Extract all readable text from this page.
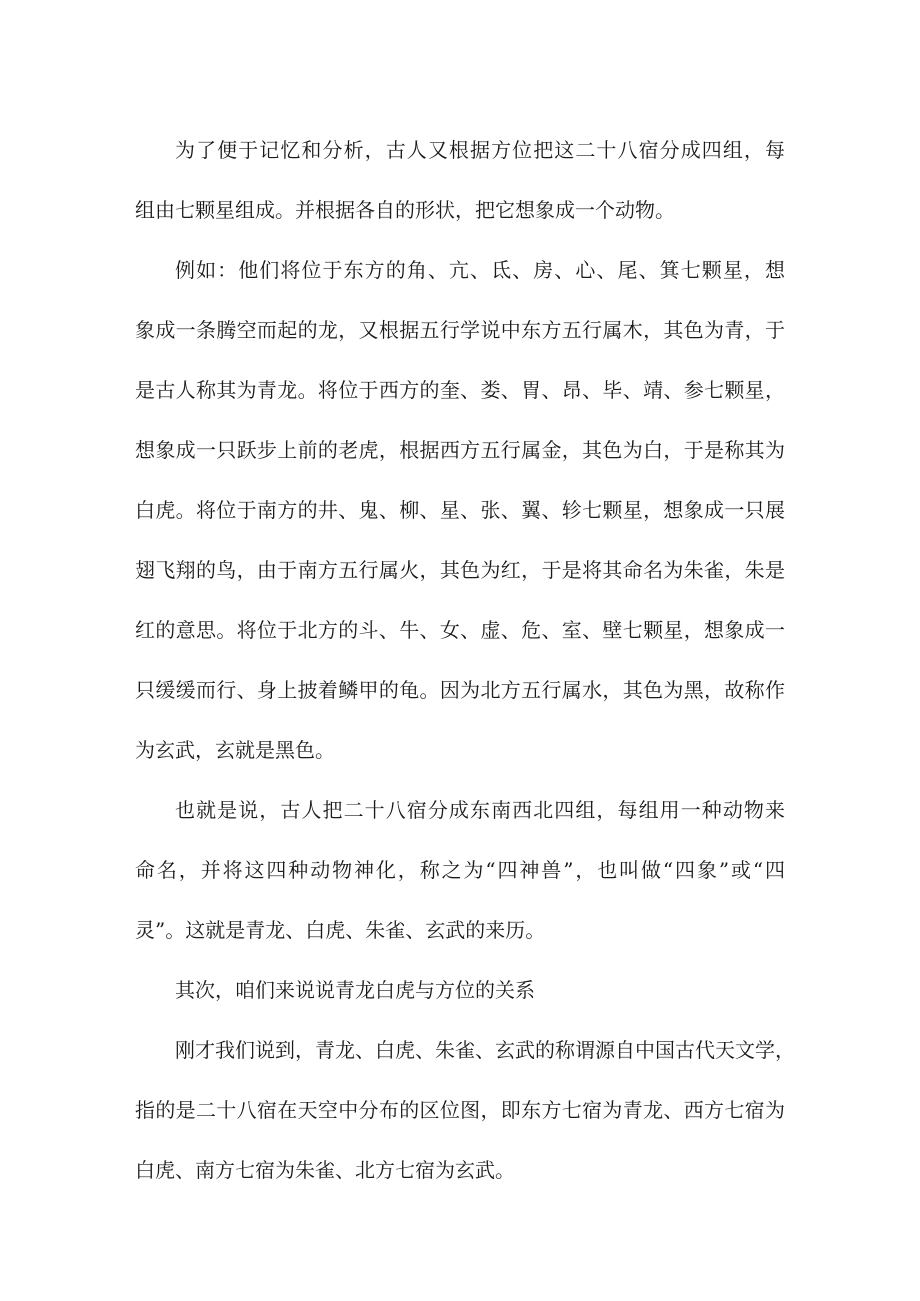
为了便于记忆和分析，古人又根据方位把这二十八宿分成四组，每
组由七颗星组成。并根据各自的形状，把它想象成一个动物。
例如：他们将位于东方的角、亢、氐、房、心、尾、箕七颗星，想
象成一条腾空而起的龙，又根据五行学说中东方五行属木，其色为青，于
是古人称其为青龙。将位于西方的奎、娄、胃、昂、毕、靖、参七颗星，
想象成一只跃步上前的老虎，根据西方五行属金，其色为白，于是称其为
白虎。将位于南方的井、鬼、柳、星、张、翼、轸七颗星，想象成一只展
翅飞翔的鸟，由于南方五行属火，其色为红，于是将其命名为朱雀，朱是
红的意思。将位于北方的斗、牛、女、虚、危、室、壁七颗星，想象成一
只缓缓而行、身上披着鳞甲的龟。因为北方五行属水，其色为黑，故称作
为玄武，玄就是黑色。
也就是说，古人把二十八宿分成东南西北四组，每组用一种动物来
命名，并将这四种动物神化，称之为“四神兽”，也叫做“四象”或“四
灵”。这就是青龙、白虎、朱雀、玄武的来历。
其次，咱们来说说青龙白虎与方位的关系
刚才我们说到，青龙、白虎、朱雀、玄武的称谓源自中国古代天文学，
指的是二十八宿在天空中分布的区位图，即东方七宿为青龙、西方七宿为
白虎、南方七宿为朱雀、北方七宿为玄武。
